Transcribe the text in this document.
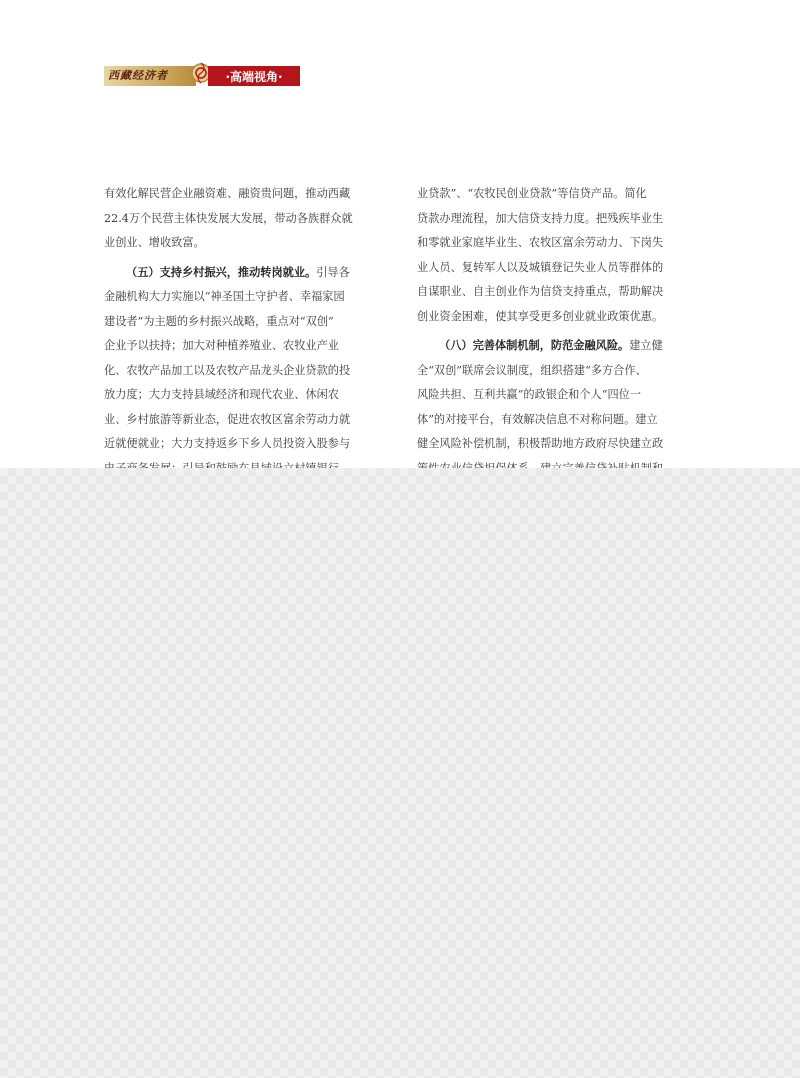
西藏经济者	·高端视角·

有效化解民营企业融资难、融资贵问题，推动西藏
22.4万个民营主体快发展大发展，带动各族群众就
业创业、增收致富。

（五）支持乡村振兴，推动转岗就业。引导各
金融机构大力实施以“神圣国土守护者、幸福家园
建设者”为主题的乡村振兴战略，重点对“双创”
企业予以扶持；加大对种植养殖业、农牧业产业
化、农牧产品加工以及农牧产品龙头企业贷款的投
放力度；大力支持县域经济和现代农业、休闲农
业、乡村旅游等新业态，促进农牧区富余劳动力就
近就便就业；大力支持返乡下乡人员投资入股参与

业贷款”、“农牧民创业贷款”等信贷产品。简化
贷款办理流程，加大信贷支持力度。把残疾毕业生
和零就业家庭毕业生、农牧区富余劳动力、下岗失
业人员、复转军人以及城镇登记失业人员等群体的
自谋职业、自主创业作为信贷支持重点，帮助解决
创业资金困难，使其享受更多创业就业政策优惠。

（八）完善体制机制，防范金融风险。建立健
全“双创”联席会议制度，组织搭建“多方合作、
风险共担、互利共赢”的政银企和个人“四位一
体”的对接平台，有效解决信息不对称问题。建立
健全风险补偿机制，积极帮助地方政府尽快建立政
